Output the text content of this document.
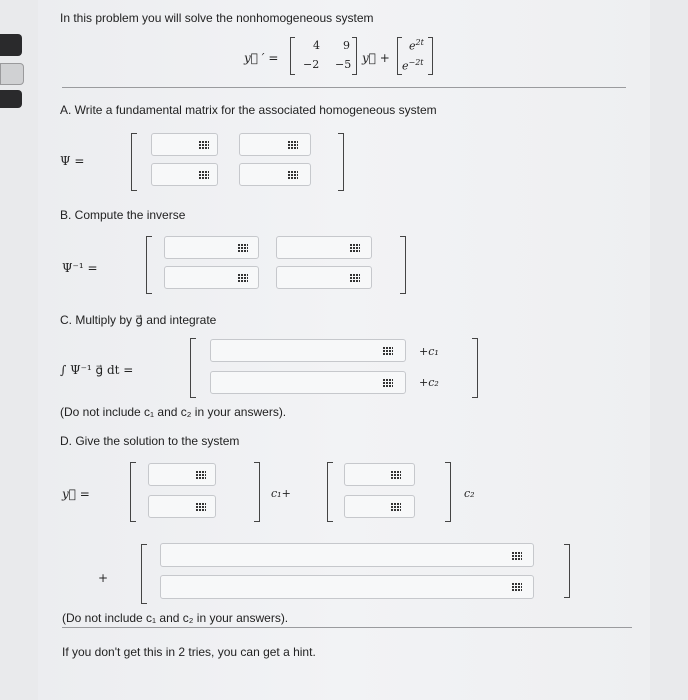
In this problem you will solve the nonhomogeneous system
y⃗ ′ =
4 9
−2 −5 y⃗ +
$e^{2t}$
$e^{-2t}$
A. Write a fundamental matrix for the associated homogeneous system
Ψ =
B. Compute the inverse
Ψ⁻¹ =
C. Multiply by g⃗ and integrate
∫ Ψ⁻¹ g⃗ dt =
+c₁
+c₂
(Do not include c₁ and c₂ in your answers).
D. Give the solution to the system
y⃗ =	c₁+	c₂
+
(Do not include c₁ and c₂ in your answers).
If you don't get this in 2 tries, you can get a hint.
